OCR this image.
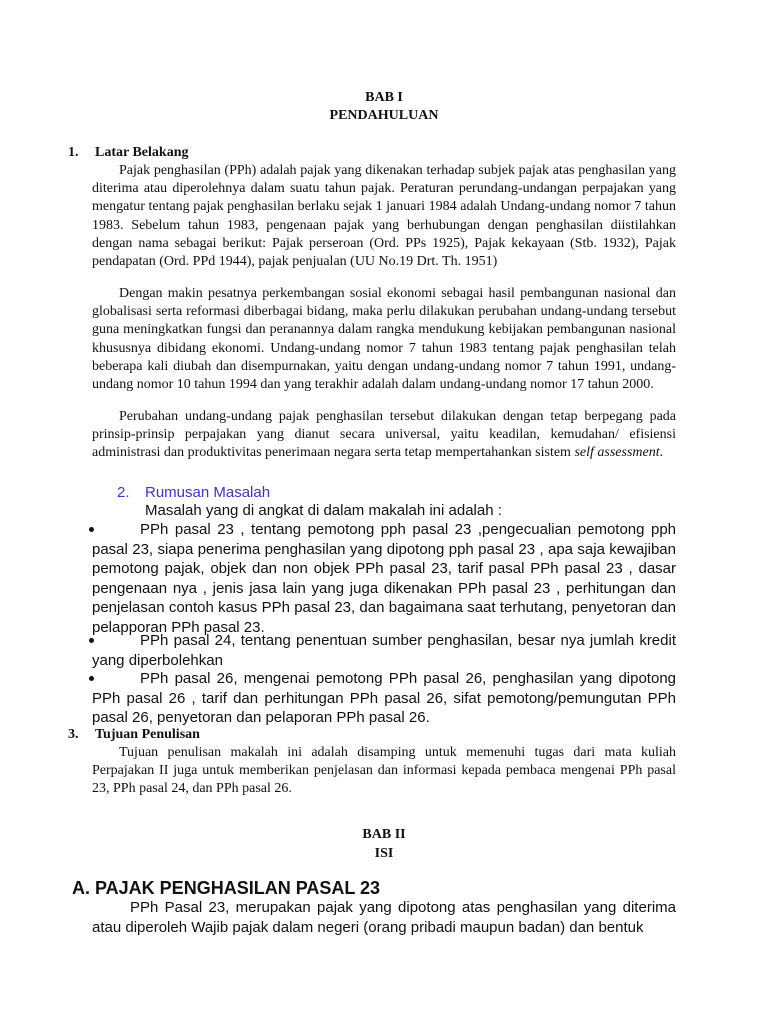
BAB I
PENDAHULUAN
1. Latar Belakang
Pajak penghasilan (PPh) adalah pajak yang dikenakan terhadap subjek pajak atas penghasilan yang diterima atau diperolehnya dalam suatu tahun pajak. Peraturan perundang-undangan perpajakan yang mengatur tentang pajak penghasilan berlaku sejak 1 januari 1984 adalah Undang-undang nomor 7 tahun 1983. Sebelum tahun 1983, pengenaan pajak yang berhubungan dengan penghasilan diistilahkan dengan nama sebagai berikut: Pajak perseroan (Ord. PPs 1925), Pajak kekayaan (Stb. 1932), Pajak pendapatan (Ord. PPd 1944), pajak penjualan (UU No.19 Drt. Th. 1951)
Dengan makin pesatnya perkembangan sosial ekonomi sebagai hasil pembangunan nasional dan globalisasi serta reformasi diberbagai bidang, maka perlu dilakukan perubahan undang-undang tersebut guna meningkatkan fungsi dan peranannya dalam rangka mendukung kebijakan pembangunan nasional khususnya dibidang ekonomi. Undang-undang nomor 7 tahun 1983 tentang pajak penghasilan telah beberapa kali diubah dan disempurnakan, yaitu dengan undang-undang nomor 7 tahun 1991, undang-undang nomor 10 tahun 1994 dan yang terakhir adalah dalam undang-undang nomor 17 tahun 2000.
Perubahan undang-undang pajak penghasilan tersebut dilakukan dengan tetap berpegang pada prinsip-prinsip perpajakan yang dianut secara universal, yaitu keadilan, kemudahan/ efisiensi administrasi dan produktivitas penerimaan negara serta tetap mempertahankan sistem self assessment.
2. Rumusan Masalah
Masalah yang di angkat di dalam makalah ini adalah :
PPh pasal 23 , tentang pemotong pph pasal 23 ,pengecualian pemotong pph pasal 23, siapa penerima penghasilan yang dipotong pph pasal 23 , apa saja kewajiban pemotong pajak, objek dan non objek PPh pasal 23, tarif pasal PPh pasal 23 , dasar pengenaan nya , jenis jasa lain yang juga dikenakan PPh pasal 23 , perhitungan dan penjelasan contoh kasus PPh pasal 23, dan bagaimana saat terhutang, penyetoran dan pelapporan PPh pasal 23.
PPh pasal 24, tentang penentuan sumber penghasilan, besar nya jumlah kredit yang diperbolehkan
PPh pasal 26, mengenai pemotong PPh pasal 26, penghasilan yang dipotong PPh pasal 26 , tarif dan perhitungan PPh pasal 26, sifat pemotong/pemungutan PPh pasal 26, penyetoran dan pelaporan PPh pasal 26.
3. Tujuan Penulisan
Tujuan penulisan makalah ini adalah disamping untuk memenuhi tugas dari mata kuliah Perpajakan II juga untuk memberikan penjelasan dan informasi kepada pembaca mengenai PPh pasal 23, PPh pasal 24, dan PPh pasal 26.
BAB II
ISI
A. PAJAK PENGHASILAN PASAL 23
PPh Pasal 23, merupakan pajak yang dipotong atas penghasilan yang diterima atau diperoleh Wajib pajak dalam negeri (orang pribadi maupun badan) dan bentuk
